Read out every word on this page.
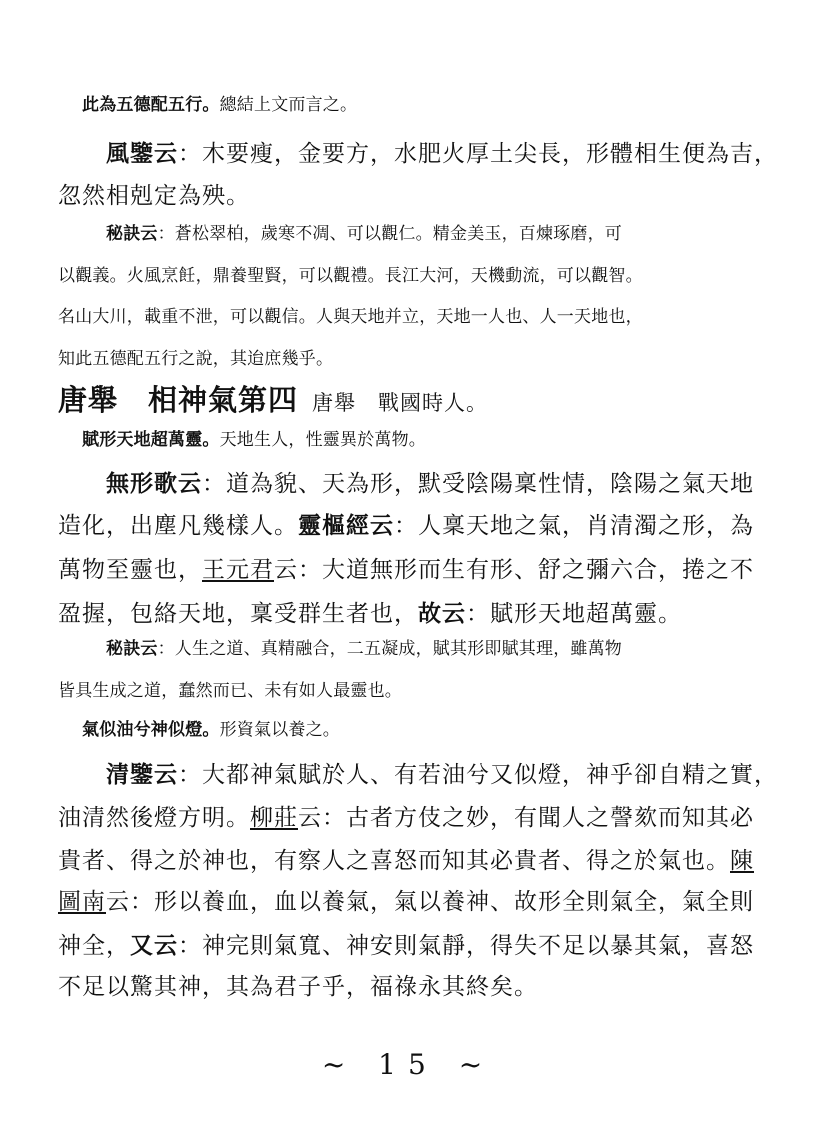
此為五德配五行。總結上文而言之。
風鑒云：木要瘦，金要方，水肥火厚土尖長，形體相生便為吉，
忽然相剋定為殃。
秘訣云：蒼松翠柏，歲寒不凋、可以觀仁。精金美玉，百煉琢磨，可
以觀義。火風烹飪，鼎養聖賢，可以觀禮。長江大河，天機動流，可以觀智。
名山大川，載重不泄，可以觀信。人與天地并立，天地一人也、人一天地也，
知此五德配五行之說，其迨庶幾乎。
唐舉　相神氣第四 唐舉　戰國時人。
賦形天地超萬靈。天地生人，性靈異於萬物。
無形歌云：道為貌、天為形，默受陰陽稟性情，陰陽之氣天地
造化，出塵凡幾樣人。靈樞經云：人稟天地之氣，肖清濁之形，為
萬物至靈也，王元君云：大道無形而生有形、舒之彌六合，捲之不
盈握，包絡天地，稟受群生者也，故云：賦形天地超萬靈。
秘訣云：人生之道、真精融合，二五凝成，賦其形即賦其理，雖萬物
皆具生成之道，蠢然而已、未有如人最靈也。
氣似油兮神似燈。形資氣以養之。
清鑒云：大都神氣賦於人、有若油兮又似燈，神乎卻自精之實，
油清然後燈方明。柳莊云：古者方伎之妙，有聞人之謦欬而知其必
貴者、得之於神也，有察人之喜怒而知其必貴者、得之於氣也。陳
圖南云：形以養血，血以養氣，氣以養神、故形全則氣全，氣全則
神全，又云：神完則氣寬、神安則氣靜，得失不足以暴其氣，喜怒
不足以驚其神，其為君子乎，福祿永其終矣。
~ 15 ~
